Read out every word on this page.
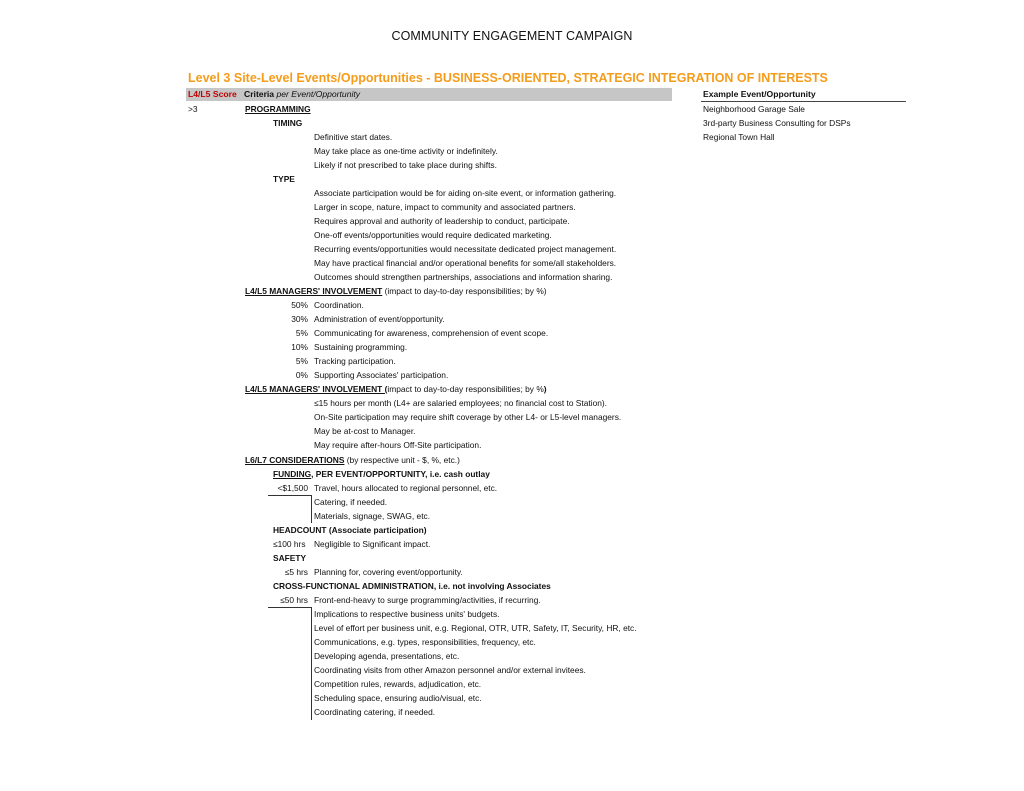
COMMUNITY ENGAGEMENT CAMPAIGN
Level 3 Site-Level Events/Opportunities - BUSINESS-ORIENTED, STRATEGIC INTEGRATION OF INTERESTS
L4/L5 Score Criteria per Event/Opportunity	Example Event/Opportunity
Neighborhood Garage Sale
3rd-party Business Consulting for DSPs
Regional Town Hall
>3	PROGRAMMING
TIMING
Definitive start dates.
May take place as one-time activity or indefinitely.
Likely if not prescribed to take place during shifts.
TYPE
Associate participation would be for aiding on-site event, or information gathering.
Larger in scope, nature, impact to community and associated partners.
Requires approval and authority of leadership to conduct, participate.
One-off events/opportunities would require dedicated marketing.
Recurring events/opportunities would necessitate dedicated project management.
May have practical financial and/or operational benefits for some/all stakeholders.
Outcomes should strengthen partnerships, associations and information sharing.
L4/L5 MANAGERS' INVOLVEMENT (impact to day-to-day responsibilities; by %)
50% Coordination.
30% Administration of event/opportunity.
5% Communicating for awareness, comprehension of event scope.
10% Sustaining programming.
5% Tracking participation.
0% Supporting Associates' participation.
L4/L5 MANAGERS' INVOLVEMENT (impact to day-to-day responsibilities; by %)
≤15 hours per month (L4+ are salaried employees; no financial cost to Station).
On-Site participation may require shift coverage by other L4- or L5-level managers.
May be at-cost to Manager.
May require after-hours Off-Site participation.
L6/L7 CONSIDERATIONS (by respective unit - $, %, etc.)
FUNDING, PER EVENT/OPPORTUNITY, i.e. cash outlay
<$1,500 Travel, hours allocated to regional personnel, etc.
Catering, if needed.
Materials, signage, SWAG, etc.
HEADCOUNT (Associate participation)
≤100 hrs Negligible to Significant impact.
SAFETY
≤5 hrs Planning for, covering event/opportunity.
CROSS-FUNCTIONAL ADMINISTRATION, i.e. not involving Associates
≤50 hrs Front-end-heavy to surge programming/activities, if recurring.
Implications to respective business units' budgets.
Level of effort per business unit, e.g. Regional, OTR, UTR, Safety, IT, Security, HR, etc.
Communications, e.g. types, responsibilities, frequency, etc.
Developing agenda, presentations, etc.
Coordinating visits from other Amazon personnel and/or external invitees.
Competition rules, rewards, adjudication, etc.
Scheduling space, ensuring audio/visual, etc.
Coordinating catering, if needed.
